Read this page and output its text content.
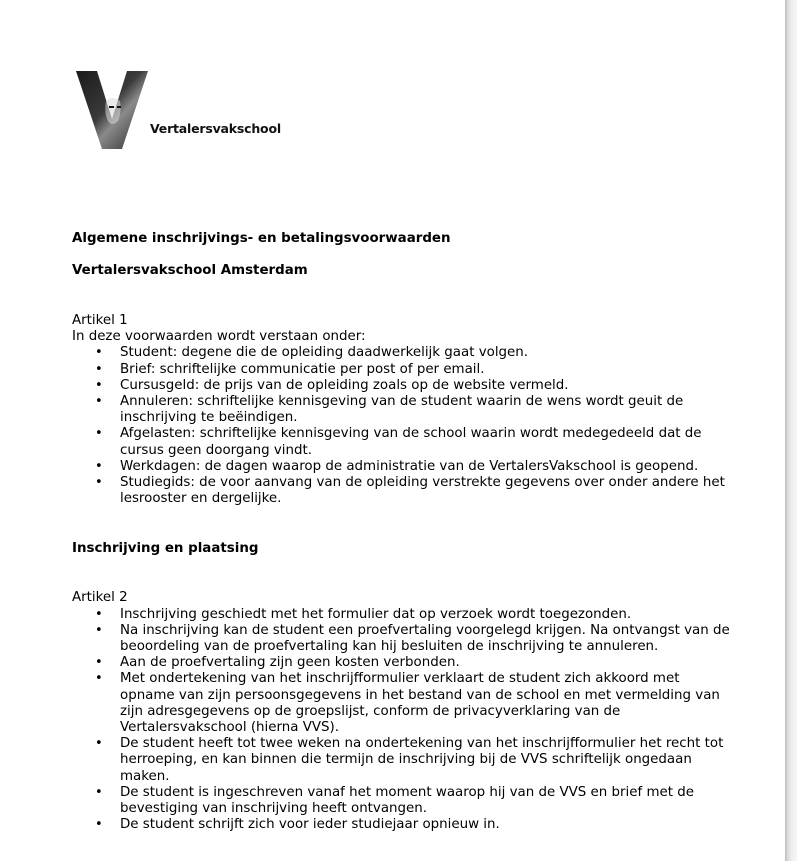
Vertalersvakschool
Algemene inschrijvings- en betalingsvoorwaarden
Vertalersvakschool Amsterdam

Artikel 1

In deze voorwaarden wordt verstaan onder:

• Student: degene die de opleiding daadwerkelijk gaat volgen.
• Brief: schriftelijke communicatie per post of per email.
• Cursusgeld: de prijs van de opleiding zoals op de website vermeld.
• Annuleren: schriftelijke kennisgeving van de student waarin de wens wordt geuit de inschrijving te beëindigen.
• Afgelasten: schriftelijke kennisgeving van de school waarin wordt medegedeeld dat de cursus geen doorgang vindt.
• Werkdagen: de dagen waarop de administratie van de VertalersVakschool is geopend.
• Studiegids: de voor aanvang van de opleiding verstrekte gegevens over onder andere het lesrooster en dergelijke.
Inschrijving en plaatsing

Artikel 2

• Inschrijving geschiedt met het formulier dat op verzoek wordt toegezonden.
• Na inschrijving kan de student een proefvertaling voorgelegd krijgen. Na ontvangst van de beoordeling van de proefvertaling kan hij besluiten de inschrijving te annuleren.
• Aan de proefvertaling zijn geen kosten verbonden.
• Met ondertekening van het inschrijfformulier verklaart de student zich akkoord met opname van zijn persoonsgegevens in het bestand van de school en met vermelding van zijn adresgegevens op de groepslijst, conform de privacyverklaring van de Vertalersvakschool (hierna VVS).
• De student heeft tot twee weken na ondertekening van het inschrijfformulier het recht tot herroeping, en kan binnen die termijn de inschrijving bij de VVS schriftelijk ongedaan maken.
• De student is ingeschreven vanaf het moment waarop hij van de VVS en brief met de bevestiging van inschrijving heeft ontvangen.
• De student schrijft zich voor ieder studiejaar opnieuw in.
